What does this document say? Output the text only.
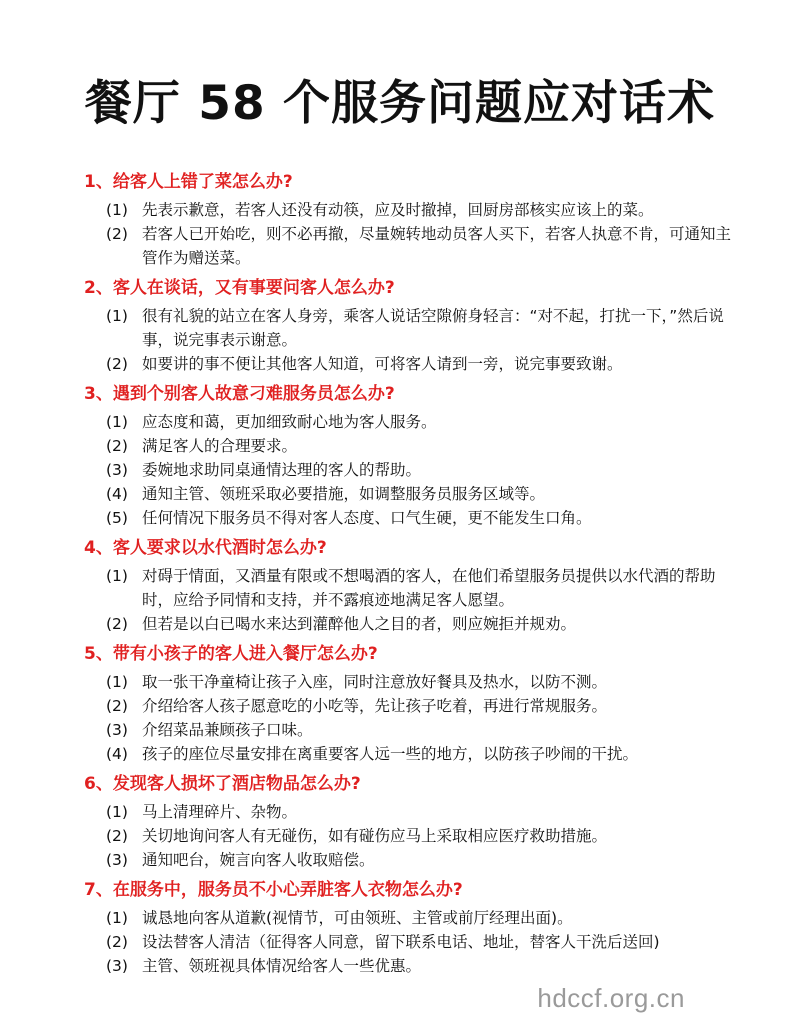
餐厅 58 个服务问题应对话术
1、给客人上错了菜怎么办?
(1) 先表示歉意，若客人还没有动筷，应及时撤掉，回厨房部核实应该上的菜。
(2) 若客人已开始吃，则不必再撤，尽量婉转地动员客人买下，若客人执意不肯，可通知主管作为赠送菜。
2、客人在谈话，又有事要问客人怎么办?
(1) 很有礼貌的站立在客人身旁，乘客人说话空隙俯身轻言：“对不起，打扰一下，”然后说事，说完事表示谢意。
(2) 如要讲的事不便让其他客人知道，可将客人请到一旁，说完事要致谢。
3、遇到个别客人故意刁难服务员怎么办?
(1) 应态度和蔼，更加细致耐心地为客人服务。
(2) 满足客人的合理要求。
(3) 委婉地求助同桌通情达理的客人的帮助。
(4) 通知主管、领班采取必要措施，如调整服务员服务区域等。
(5) 任何情况下服务员不得对客人态度、口气生硬，更不能发生口角。
4、客人要求以水代酒时怎么办?
(1) 对碍于情面，又酒量有限或不想喝酒的客人，在他们希望服务员提供以水代酒的帮助时，应给予同情和支持，并不露痕迹地满足客人愿望。
(2) 但若是以白已喝水来达到灌醉他人之目的者，则应婉拒并规劝。
5、带有小孩子的客人进入餐厅怎么办?
(1) 取一张干净童椅让孩子入座，同时注意放好餐具及热水，以防不测。
(2) 介绍给客人孩子愿意吃的小吃等，先让孩子吃着，再进行常规服务。
(3) 介绍菜品兼顾孩子口味。
(4) 孩子的座位尽量安排在离重要客人远一些的地方，以防孩子吵闹的干扰。
6、发现客人损坏了酒店物品怎么办?
(1) 马上清理碎片、杂物。
(2) 关切地询问客人有无碰伤，如有碰伤应马上采取相应医疗救助措施。
(3) 通知吧台，婉言向客人收取赔偿。
7、在服务中，服务员不小心弄脏客人衣物怎么办?
(1) 诚恳地向客从道歉(视情节，可由领班、主管或前厅经理出面)。
(2) 设法替客人清洁（征得客人同意，留下联系电话、地址，替客人干洗后送回)
(3) 主管、领班视具体情况给客人一些优惠。
hdccf.org.cn
